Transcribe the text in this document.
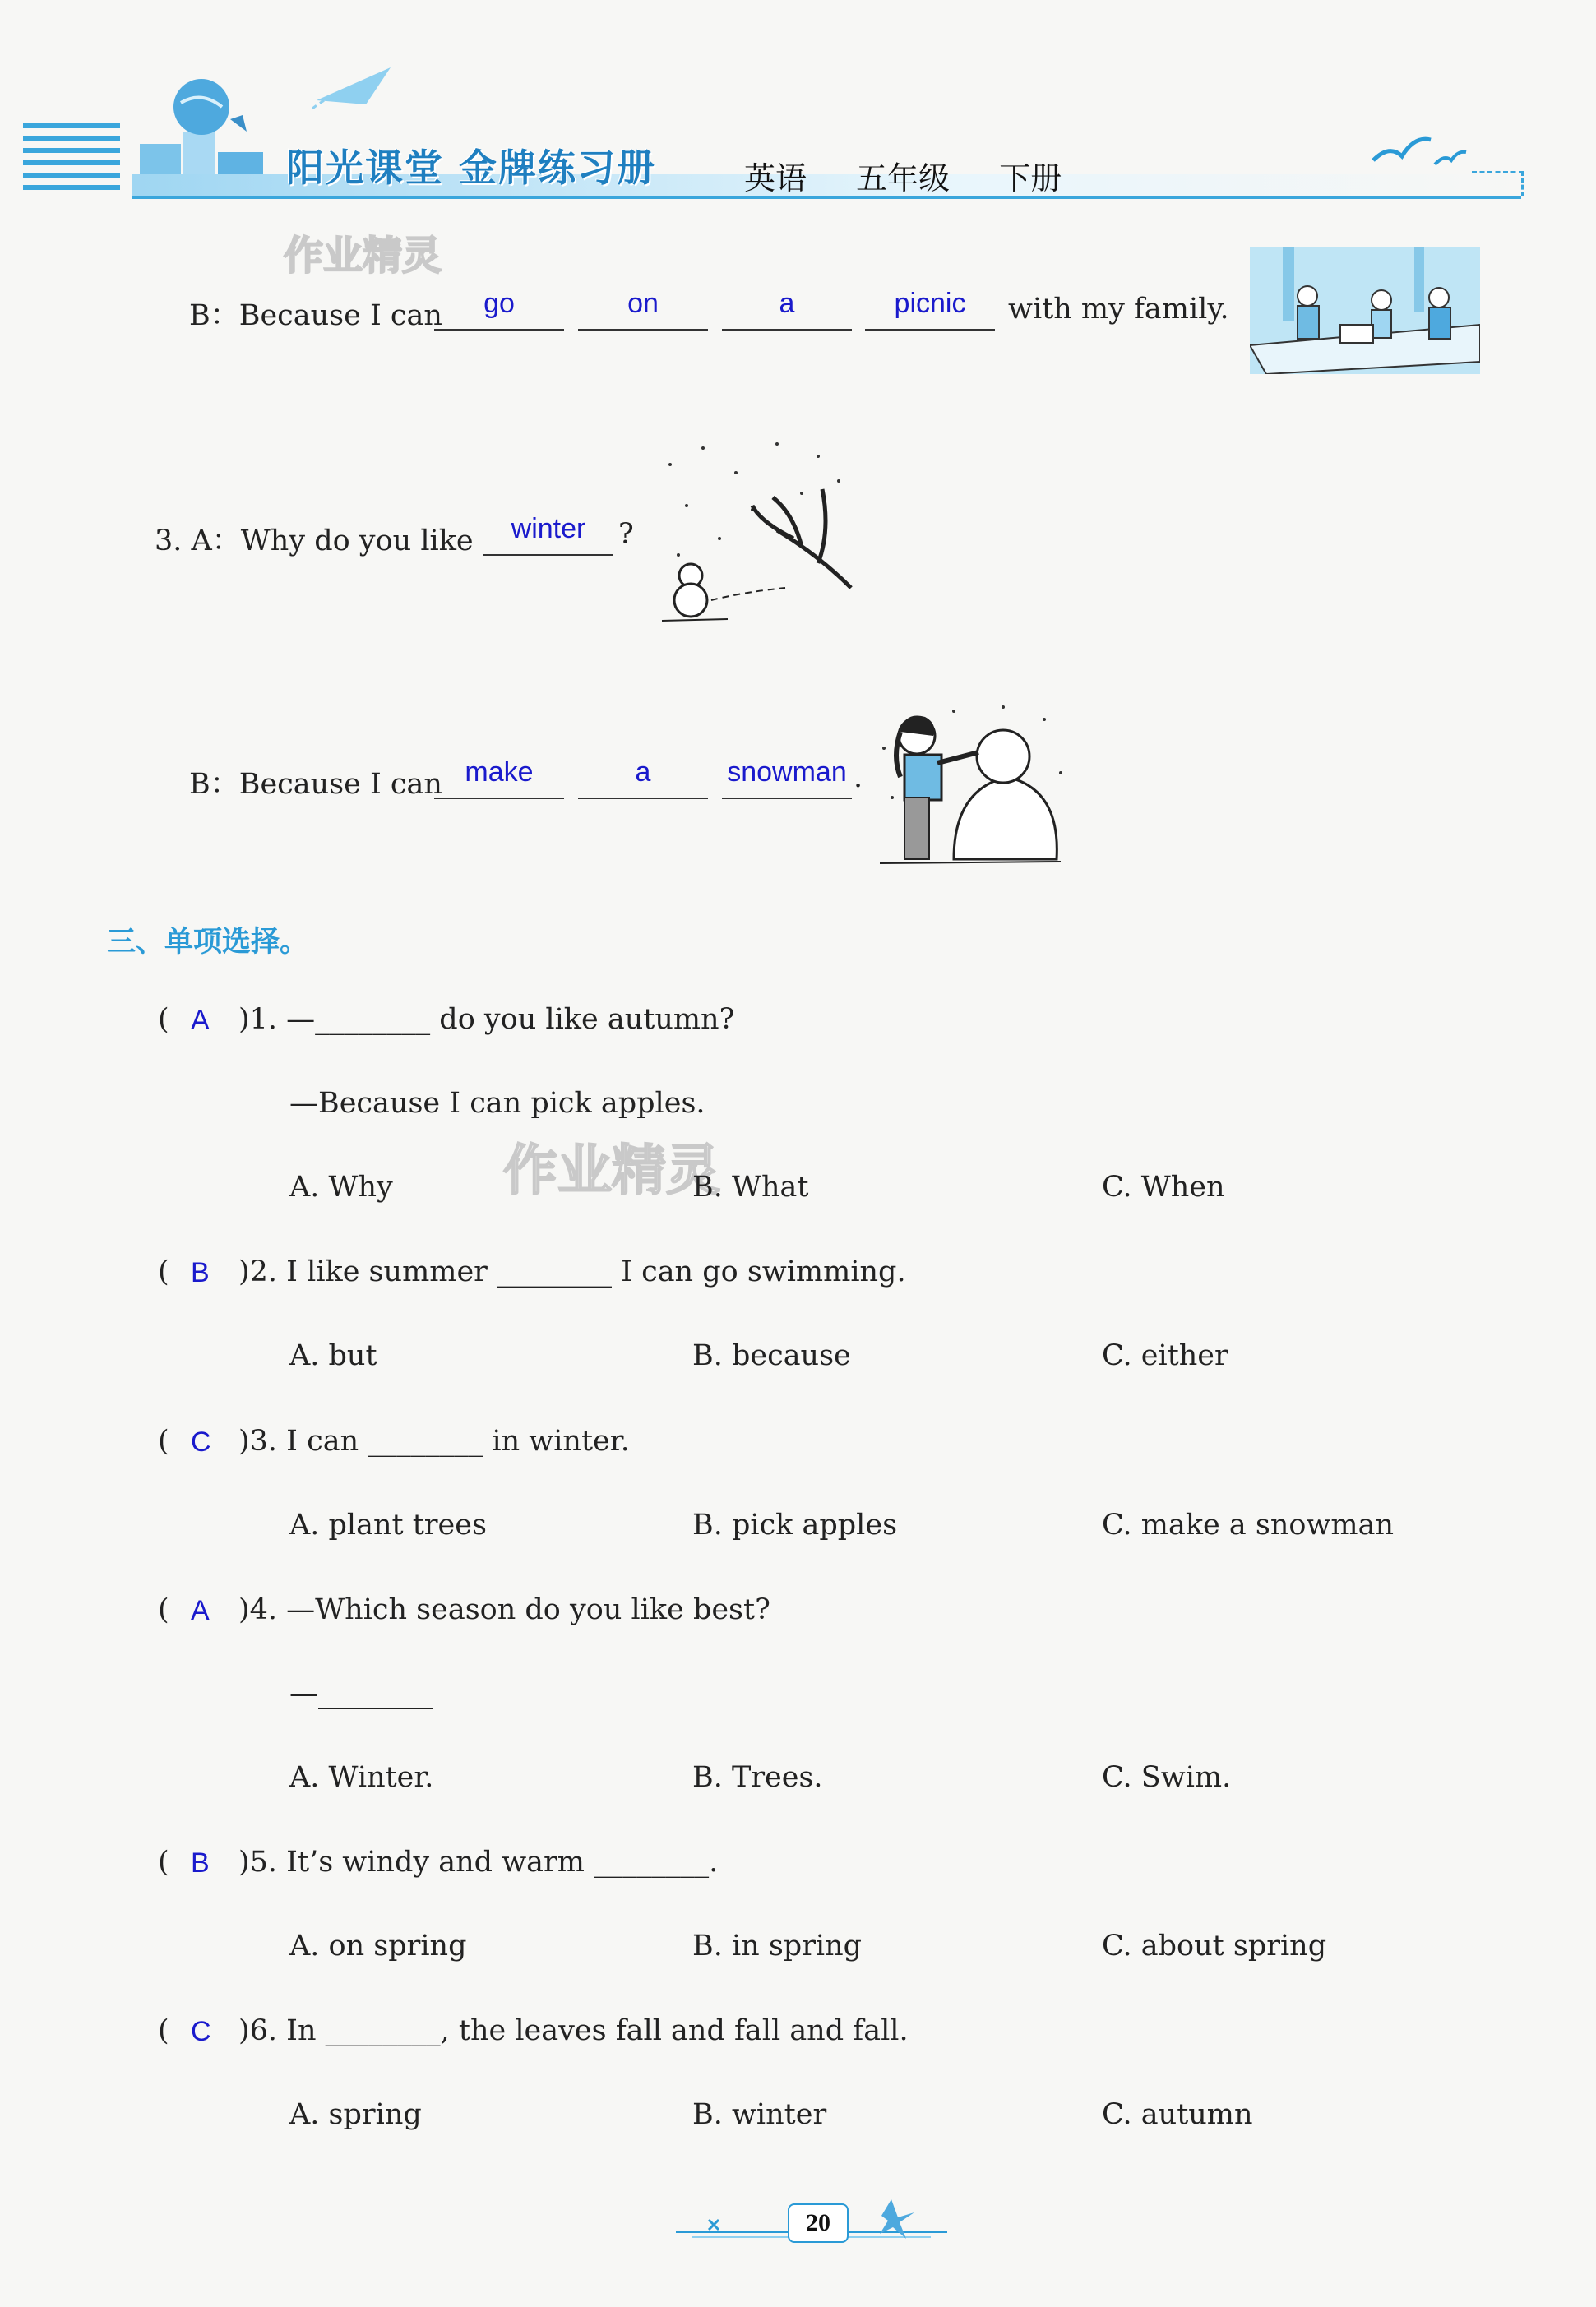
阳光课堂 金牌练习册	英语 五年级 下册
作业精灵
作业精灵
B：Because I can	go	on	a	picnic	with my family.
3. A：Why do you like	winter	?
B：Because I can make	a	snowman .
三、单项选择。
( A )1. —________ do you like autumn?
—Because I can pick apples.
A. Why	B. What	C. When
( B )2. I like summer ________ I can go swimming.
A. but	B. because	C. either
( C )3. I can ________ in winter.
A. plant trees	B. pick apples	C. make a snowman
( A )4. —Which season do you like best?
—________
A. Winter.	B. Trees.	C. Swim.
( B )5. It’s windy and warm ________.
A. on spring	B. in spring	C. about spring
( C )6. In ________, the leaves fall and fall and fall.
A. spring	B. winter	C. autumn
20
